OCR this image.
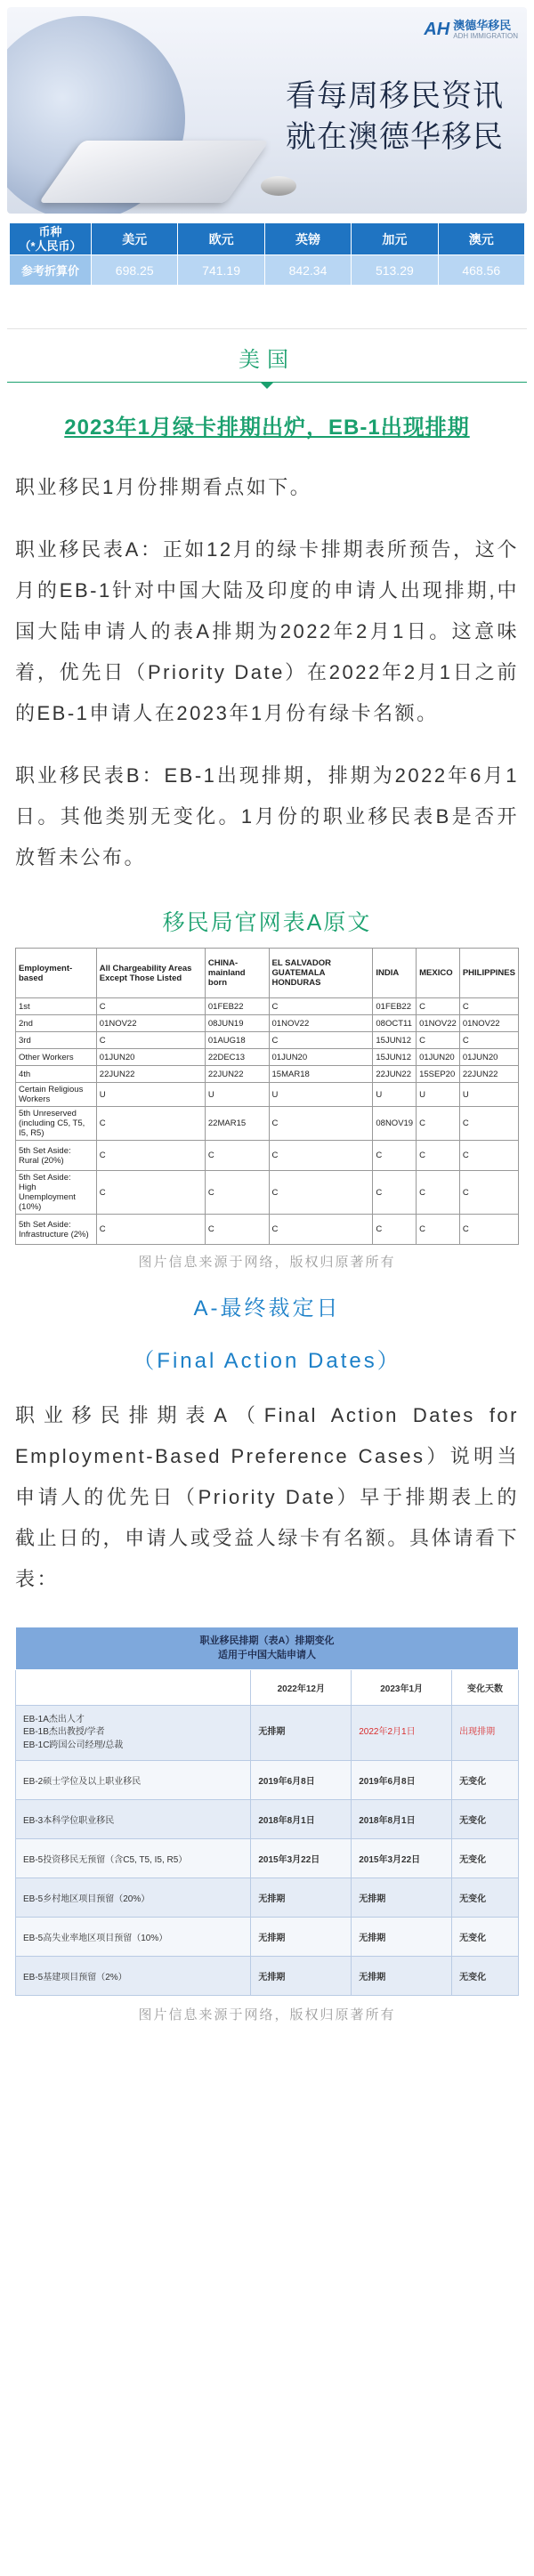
AH 澳德华移民
ADH IMMIGRATION
看每周移民资讯
就在澳德华移民
币种
（*人民币）	美元	欧元	英镑	加元	澳元
参考折算价	698.25	741.19	842.34	513.29	468.56
美国
2023年1月绿卡排期出炉，EB-1出现排期

职业移民1月份排期看点如下。

职业移民表A：正如12月的绿卡排期表所预告，这个月的EB-1针对中国大陆及印度的申请人出现排期,中国大陆申请人的表A排期为2022年2月1日。这意味着，优先日（Priority Date）在2022年2月1日之前的EB-1申请人在2023年1月份有绿卡名额。

职业移民表B：EB-1出现排期，排期为2022年6月1日。其他类别无变化。1月份的职业移民表B是否开放暂未公布。

移民局官网表A原文
Employment-based	All Chargeability Areas Except Those Listed	CHINA-mainland born	EL SALVADOR GUATEMALA HONDURAS	INDIA	MEXICO	PHILIPPINES
1st	C	01FEB22	C	01FEB22	C	C
2nd	01NOV22	08JUN19	01NOV22	08OCT11	01NOV22	01NOV22
3rd	C	01AUG18	C	15JUN12	C	C
Other Workers	01JUN20	22DEC13	01JUN20	15JUN12	01JUN20	01JUN20
4th	22JUN22	22JUN22	15MAR18	22JUN22	15SEP20	22JUN22
Certain Religious Workers	U	U	U	U	U	U
5th Unreserved
(including C5, T5, I5, R5)	C	22MAR15	C	08NOV19	C	C
5th Set Aside:
Rural (20%)	C	C	C	C	C	C
5th Set Aside:
High Unemployment (10%)	C	C	C	C	C	C
5th Set Aside:
Infrastructure (2%)	C	C	C	C	C	C
图片信息来源于网络，版权归原著所有
A-最终裁定日
（Final Action Dates）

职业移民排期表A（Final Action Dates for Employment-Based Preference Cases）说明当申请人的优先日（Priority Date）早于排期表上的截止日的，申请人或受益人绿卡有名额。具体请看下表：

职业移民排期（表A）排期变化
适用于中国大陆申请人			

	2022年12月	2023年1月	变化天数
EB-1A杰出人才
EB-1B杰出教授/学者
EB-1C跨国公司经理/总裁	无排期	2022年2月1日	出现排期
EB-2硕士学位及以上职业移民	2019年6月8日	2019年6月8日	无变化
EB-3本科学位职业移民	2018年8月1日	2018年8月1日	无变化
EB-5投资移民无预留（含C5, T5, I5, R5）	2015年3月22日	2015年3月22日	无变化
EB-5乡村地区项目预留（20%）	无排期	无排期	无变化
EB-5高失业率地区项目预留（10%）	无排期	无排期	无变化
EB-5基建项目预留（2%）	无排期	无排期	无变化
图片信息来源于网络，版权归原著所有
